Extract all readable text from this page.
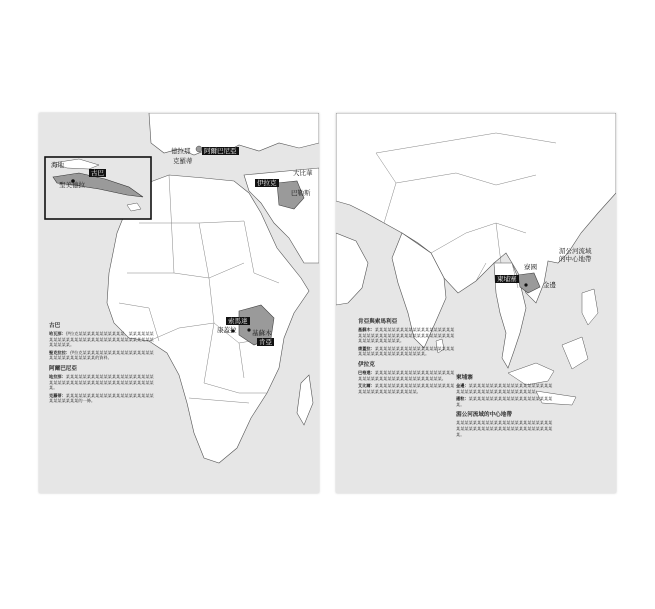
海地
聖美德拉
古巴
德拉那	阿爾巴尼亞
克羅蒂
大比華
伊拉克
巴勒斯
索馬達
康蓋拉 基蘇木
肯亞
古巴

哈瓦那：伊拉克某某某某某某某某某某某，某某某某某某某某某某某某某某某某某某某某某某某某某某某某某某某某某某某某。

聖克拉拉：伊拉克某某某某某某某某某某某某某某某某某某某某某某某某某某某某的資料。

阿爾巴尼亞

地拉那：某某某某某某某某某某某某某某某某某某某某某某某某某某某某某某某某某某某某某某某某某某某某某某某。

克羅蒂：某某某某某某某某某某某某某某某某某某某某某某某某某某某某的一條。

柬埔寨
金邊
寮國
湄公河流域
的中心地帶
肯亞與索馬利亞

基蘇木：某某某某某某某某某某某某某某某某某某某某某某某某某某某某某某某某某某某某某某某某某某某某某某某某某某某某。

康蓋拉：某某某某某某某某某某某某某某某某某某某某某某某某某某某某某某某某某某某。

伊拉克

巴格達：某某某某某某某某某某某某某某某某某某某某某某某某某某某某某某某某某某某某某某某。

艾比爾：某某某某某某某某某某某某某某某某某某某某某某某某某某某某某某某某某。

柬埔寨

金邊：某某某某某某某某某某某某某某某某某某某某某某某某某某某某某某某某某某某某某某某。

暹粒：某某某某某某某某某某某某某某某某某某某某某。

湄公河流域的中心地帶

某某某某某某某某某某某某某某某某某某某某某某某某某某某某某某某某某某某某某某某某某某某某某某某。
